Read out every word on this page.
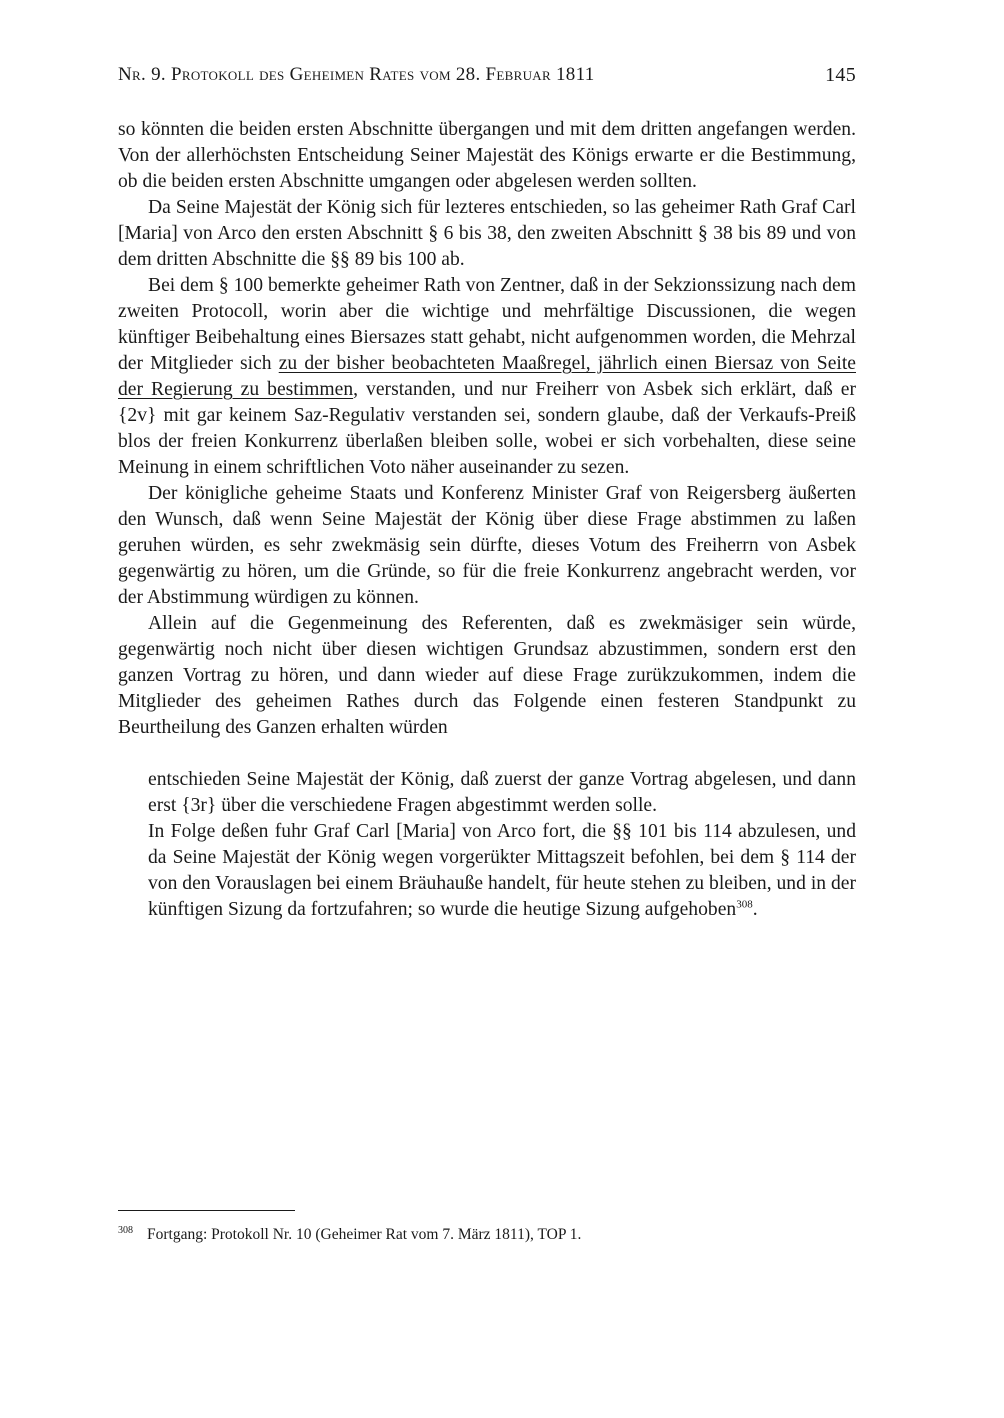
Nr. 9. Protokoll des Geheimen Rates vom 28. Februar 1811	145

so könnten die beiden ersten Abschnitte übergangen und mit dem dritten angefangen werden. Von der allerhöchsten Entscheidung Seiner Majestät des Königs erwarte er die Bestimmung, ob die beiden ersten Abschnitte umgangen oder abgelesen werden sollten.

Da Seine Majestät der König sich für lezteres entschieden, so las geheimer Rath Graf Carl [Maria] von Arco den ersten Abschnitt § 6 bis 38, den zweiten Abschnitt § 38 bis 89 und von dem dritten Abschnitte die §§ 89 bis 100 ab.

Bei dem § 100 bemerkte geheimer Rath von Zentner, daß in der Sekzionssizung nach dem zweiten Protocoll, worin aber die wichtige und mehrfältige Discussionen, die wegen künftiger Beibehaltung eines Biersazes statt gehabt, nicht aufgenommen worden, die Mehrzal der Mitglieder sich zu der bisher beobachteten Maaßregel, jährlich einen Biersaz von Seite der Regierung zu bestimmen, verstanden, und nur Freiherr von Asbek sich erklärt, daß er {2v} mit gar keinem Saz-Regulativ verstanden sei, sondern glaube, daß der Verkaufs-Preiß blos der freien Konkurrenz überlaßen bleiben solle, wobei er sich vorbehalten, diese seine Meinung in einem schriftlichen Voto näher auseinander zu sezen.

Der königliche geheime Staats und Konferenz Minister Graf von Reigersberg äußerten den Wunsch, daß wenn Seine Majestät der König über diese Frage abstimmen zu laßen geruhen würden, es sehr zwekmäsig sein dürfte, dieses Votum des Freiherrn von Asbek gegenwärtig zu hören, um die Gründe, so für die freie Konkurrenz angebracht werden, vor der Abstimmung würdigen zu können.

Allein auf die Gegenmeinung des Referenten, daß es zwekmäsiger sein würde, gegenwärtig noch nicht über diesen wichtigen Grundsaz abzustimmen, sondern erst den ganzen Vortrag zu hören, und dann wieder auf diese Frage zurükzukommen, indem die Mitglieder des geheimen Rathes durch das Folgende einen festeren Standpunkt zu Beurtheilung des Ganzen erhalten würden

entschieden Seine Majestät der König, daß zuerst der ganze Vortrag abgelesen, und dann erst {3r} über die verschiedene Fragen abgestimmt werden solle.

In Folge deßen fuhr Graf Carl [Maria] von Arco fort, die §§ 101 bis 114 abzulesen, und da Seine Majestät der König wegen vorgerükter Mittagszeit befohlen, bei dem § 114 der von den Vorauslagen bei einem Bräuhauße handelt, für heute stehen zu bleiben, und in der künftigen Sizung da fortzufahren; so wurde die heutige Sizung aufgehoben$^{308}$.

$^{308}$ Fortgang: Protokoll Nr. 10 (Geheimer Rat vom 7. März 1811), TOP 1.
